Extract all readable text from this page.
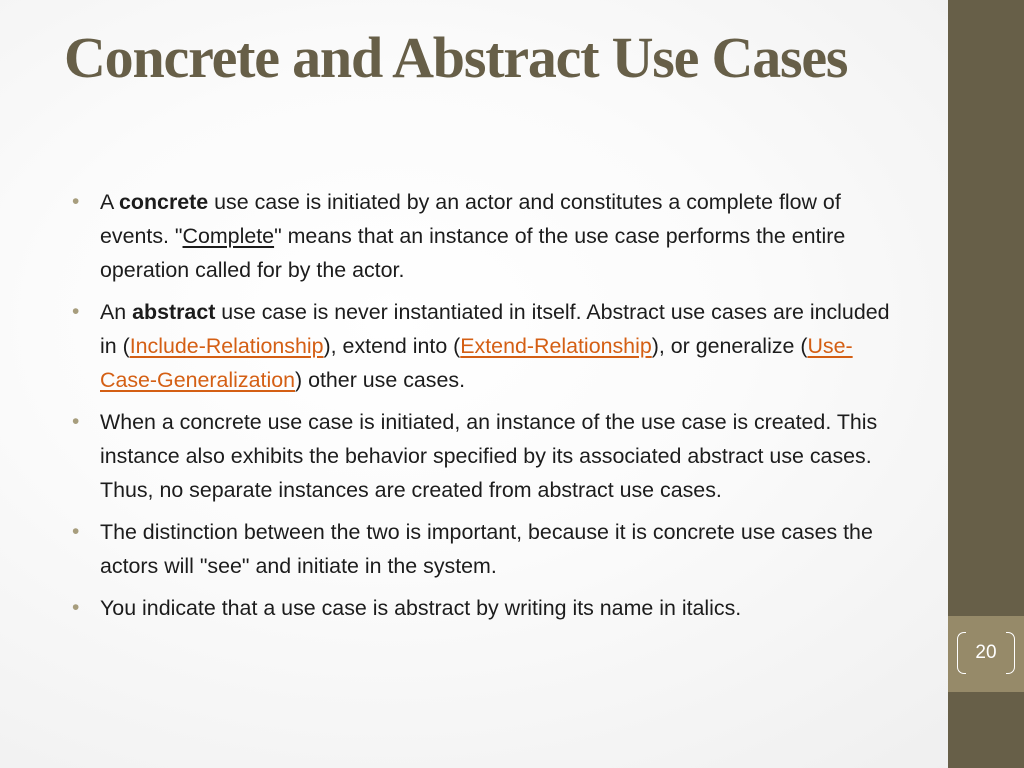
Concrete and Abstract Use Cases
• A concrete use case is initiated by an actor and constitutes a complete flow of events. "Complete" means that an instance of the use case performs the entire operation called for by the actor.
• An abstract use case is never instantiated in itself. Abstract use cases are included in (Include-Relationship), extend into (Extend-Relationship), or generalize (Use-Case-Generalization) other use cases.
• When a concrete use case is initiated, an instance of the use case is created. This instance also exhibits the behavior specified by its associated abstract use cases. Thus, no separate instances are created from abstract use cases.
• The distinction between the two is important, because it is concrete use cases the actors will "see" and initiate in the system.
• You indicate that a use case is abstract by writing its name in italics.
20
